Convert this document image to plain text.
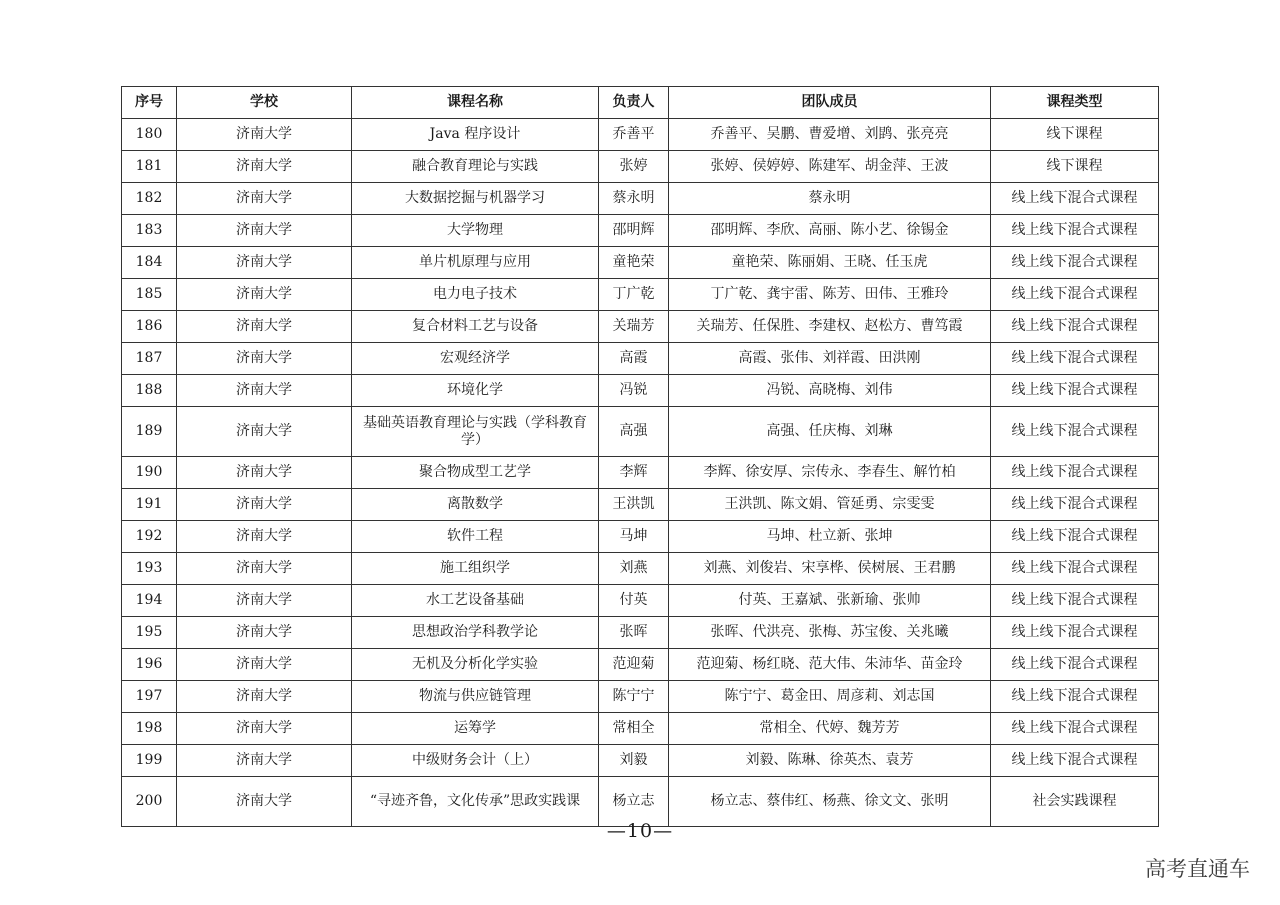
序号	学校	课程名称	负责人	团队成员	课程类型
180	济南大学	Java 程序设计	乔善平	乔善平、吴鹏、曹爱增、刘鹍、张亮亮	线下课程
181	济南大学	融合教育理论与实践	张婷	张婷、侯婷婷、陈建军、胡金萍、王波	线下课程
182	济南大学	大数据挖掘与机器学习	蔡永明	蔡永明	线上线下混合式课程
183	济南大学	大学物理	邵明辉	邵明辉、李欣、高丽、陈小艺、徐锡金	线上线下混合式课程
184	济南大学	单片机原理与应用	童艳荣	童艳荣、陈丽娟、王晓、任玉虎	线上线下混合式课程
185	济南大学	电力电子技术	丁广乾	丁广乾、龚宇雷、陈芳、田伟、王雅玲	线上线下混合式课程
186	济南大学	复合材料工艺与设备	关瑞芳	关瑞芳、任保胜、李建权、赵松方、曹笃霞	线上线下混合式课程
187	济南大学	宏观经济学	高霞	高霞、张伟、刘祥霞、田洪刚	线上线下混合式课程
188	济南大学	环境化学	冯锐	冯锐、高晓梅、刘伟	线上线下混合式课程
189	济南大学	基础英语教育理论与实践（学科教育学）	高强	高强、任庆梅、刘琳	线上线下混合式课程
190	济南大学	聚合物成型工艺学	李辉	李辉、徐安厚、宗传永、李春生、解竹柏	线上线下混合式课程
191	济南大学	离散数学	王洪凯	王洪凯、陈文娟、管延勇、宗雯雯	线上线下混合式课程
192	济南大学	软件工程	马坤	马坤、杜立新、张坤	线上线下混合式课程
193	济南大学	施工组织学	刘燕	刘燕、刘俊岩、宋享桦、侯树展、王君鹏	线上线下混合式课程
194	济南大学	水工艺设备基础	付英	付英、王嘉斌、张新瑜、张帅	线上线下混合式课程
195	济南大学	思想政治学科教学论	张晖	张晖、代洪亮、张梅、苏宝俊、关兆曦	线上线下混合式课程
196	济南大学	无机及分析化学实验	范迎菊	范迎菊、杨红晓、范大伟、朱沛华、苗金玲	线上线下混合式课程
197	济南大学	物流与供应链管理	陈宁宁	陈宁宁、葛金田、周彦莉、刘志国	线上线下混合式课程
198	济南大学	运筹学	常相全	常相全、代婷、魏芳芳	线上线下混合式课程
199	济南大学	中级财务会计（上）	刘毅	刘毅、陈琳、徐英杰、袁芳	线上线下混合式课程
200	济南大学	“寻迹齐鲁，文化传承”思政实践课	杨立志	杨立志、蔡伟红、杨燕、徐文文、张明	社会实践课程
—10—
高考直通车
